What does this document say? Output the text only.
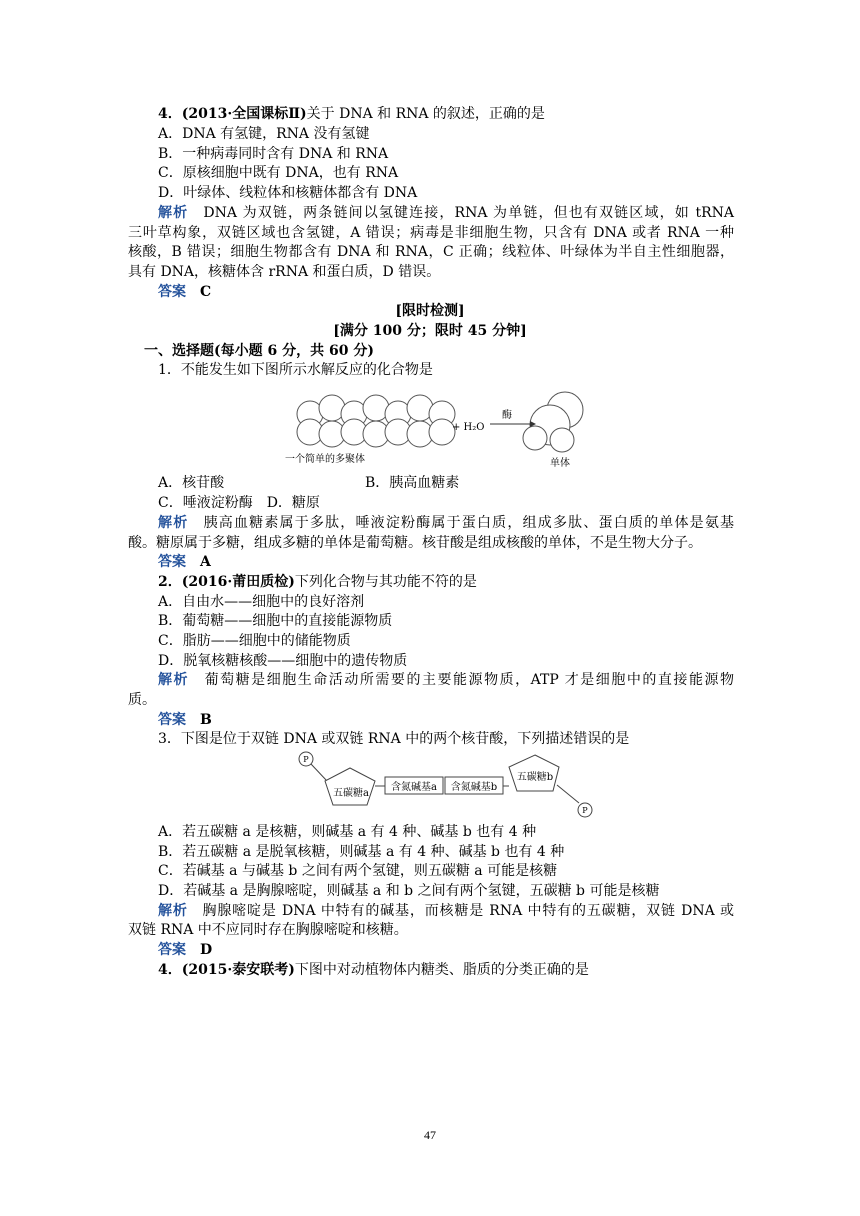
4．(2013·全国课标Ⅱ)关于 DNA 和 RNA 的叙述，正确的是
A．DNA 有氢键，RNA 没有氢键
B．一种病毒同时含有 DNA 和 RNA
C．原核细胞中既有 DNA，也有 RNA
D．叶绿体、线粒体和核糖体都含有 DNA
解析　 DNA 为双链，两条链间以氢键连接，RNA 为单链，但也有双链区域，如 tRNA
三叶草构象，双链区域也含氢键，A 错误；病毒是非细胞生物，只含有 DNA 或者 RNA 一种
核酸，B 错误；细胞生物都含有 DNA 和 RNA，C 正确；线粒体、叶绿体为半自主性细胞器，
具有 DNA，核糖体含 rRNA 和蛋白质，D 错误。
答案　 C
[限时检测]
[满分 100 分；限时 45 分钟]
一、选择题(每小题 6 分，共 60 分)
1．不能发生如下图所示水解反应的化合物是
一个简单的多聚体
+ H₂O
酶
单体
A．核苷酸	B．胰高血糖素
C．唾液淀粉酶　D．糖原
解析　 胰高血糖素属于多肽，唾液淀粉酶属于蛋白质，组成多肽、蛋白质的单体是氨基
酸。糖原属于多糖，组成多糖的单体是葡萄糖。核苷酸是组成核酸的单体，不是生物大分子。
答案　 A
2．(2016·莆田质检)下列化合物与其功能不符的是
A．自由水——细胞中的良好溶剂
B．葡萄糖——细胞中的直接能源物质
C．脂肪——细胞中的储能物质
D．脱氧核糖核酸——细胞中的遗传物质
解析　 葡萄糖是细胞生命活动所需要的主要能源物质，ATP 才是细胞中的直接能源物
质。
答案　 B
3．下图是位于双链 DNA 或双链 RNA 中的两个核苷酸，下列描述错误的是
P
P
五碳糖a
含氮碱基a 含氮碱基b
五碳糖b
A．若五碳糖 a 是核糖，则碱基 a 有 4 种、碱基 b 也有 4 种
B．若五碳糖 a 是脱氧核糖，则碱基 a 有 4 种、碱基 b 也有 4 种
C．若碱基 a 与碱基 b 之间有两个氢键，则五碳糖 a 可能是核糖
D．若碱基 a 是胸腺嘧啶，则碱基 a 和 b 之间有两个氢键，五碳糖 b 可能是核糖
解析　 胸腺嘧啶是 DNA 中特有的碱基，而核糖是 RNA 中特有的五碳糖，双链 DNA 或
双链 RNA 中不应同时存在胸腺嘧啶和核糖。
答案　 D
4．(2015·泰安联考)下图中对动植物体内糖类、脂质的分类正确的是
47
